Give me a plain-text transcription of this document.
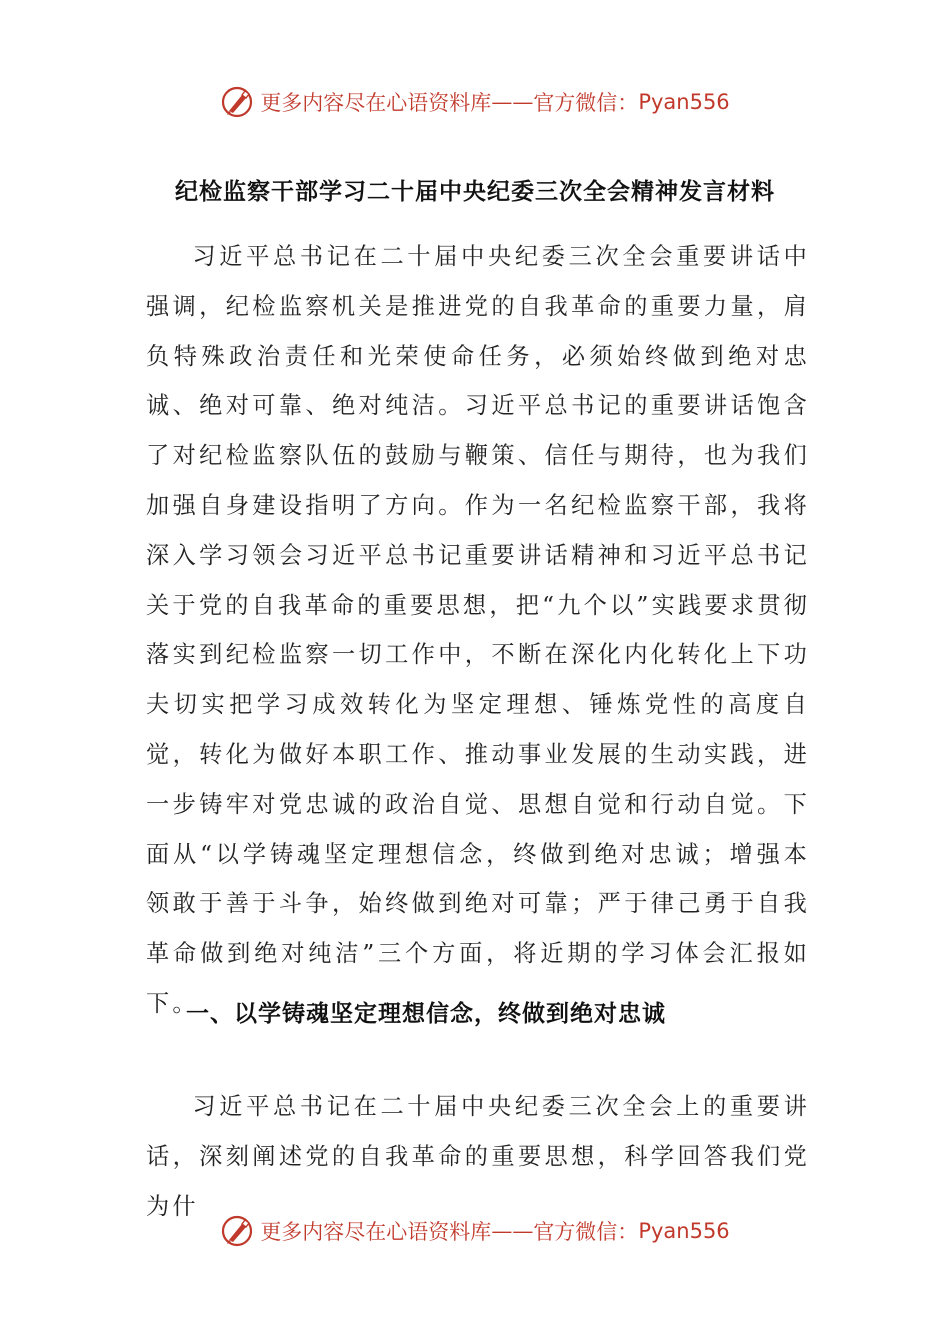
更多内容尽在心语资料库 —— 官方微信： Pyan556
纪检监察干部学习二十届中央纪委三次全会精神发言材料

习近平总书记在二十届中央纪委三次全会重要讲话中强调，纪检监察机关是推进党的自我革命的重要力量，肩负特殊政治责任和光荣使命任务，必须始终做到绝对忠诚、绝对可靠、绝对纯洁。习近平总书记的重要讲话饱含了对纪检监察队伍的鼓励与鞭策、信任与期待，也为我们加强自身建设指明了方向。作为一名纪检监察干部，我将深入学习领会习近平总书记重要讲话精神和习近平总书记关于党的自我革命的重要思想，把“九个以”实践要求贯彻落实到纪检监察一切工作中，不断在深化内化转化上下功夫切实把学习成效转化为坚定理想、锤炼党性的高度自觉，转化为做好本职工作、推动事业发展的生动实践，进一步铸牢对党忠诚的政治自觉、思想自觉和行动自觉。下面从“以学铸魂坚定理想信念，终做到绝对忠诚；增强本领敢于善于斗争，始终做到绝对可靠；严于律己勇于自我革命做到绝对纯洁”三个方面，将近期的学习体会汇报如下。

一、以学铸魂坚定理想信念，终做到绝对忠诚

习近平总书记在二十届中央纪委三次全会上的重要讲话，深刻阐述党的自我革命的重要思想，科学回答我们党为什

更多内容尽在心语资料库 —— 官方微信： Pyan556
